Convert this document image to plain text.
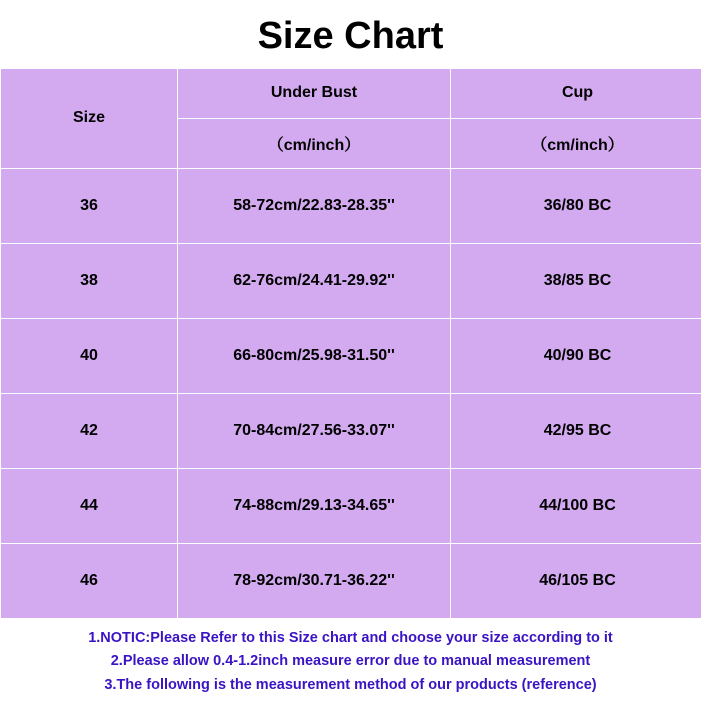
Size Chart
Size	Under Bust	Cup
	（cm/inch）	（cm/inch）
36	58-72cm/22.83-28.35''	36/80 BC
38	62-76cm/24.41-29.92''	38/85 BC
40	66-80cm/25.98-31.50''	40/90 BC
42	70-84cm/27.56-33.07''	42/95 BC
44	74-88cm/29.13-34.65''	44/100 BC
46	78-92cm/30.71-36.22''	46/105 BC
1.NOTIC:Please Refer to this Size chart and choose your size according to it
2.Please allow 0.4-1.2inch measure error due to manual measurement
3.The following is the measurement method of our products (reference)
